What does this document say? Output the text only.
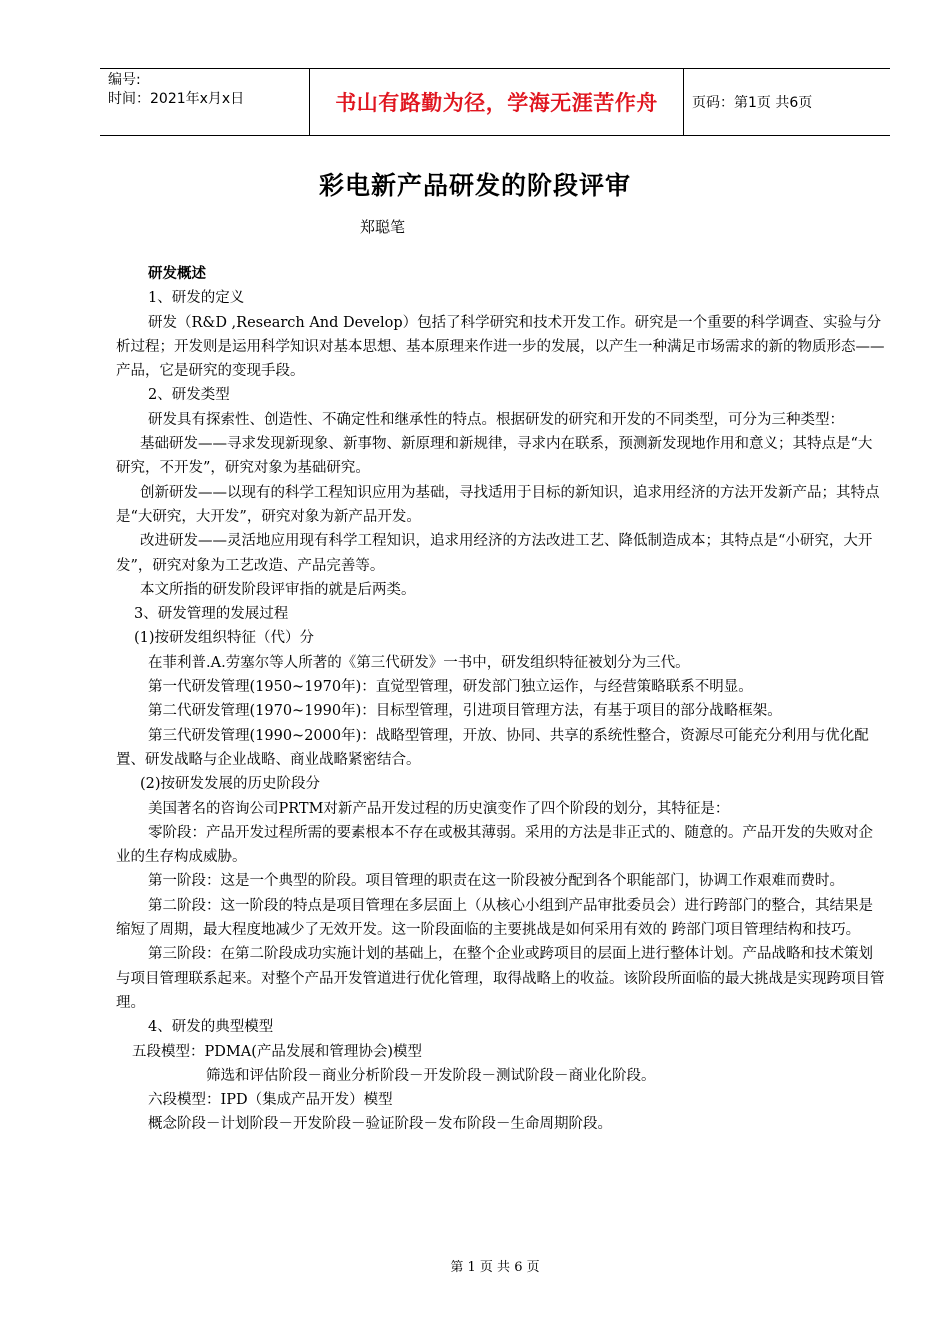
编号:
时间：2021年x月x日	书山有路勤为径，学海无涯苦作舟	页码：第1页 共6页
彩电新产品研发的阶段评审
郑聪笔

研发概述

1、研发的定义

研发（R&D ,Research And Develop）包括了科学研究和技术开发工作。研究是一个重要的科学调查、实验与分析过程；开发则是运用科学知识对基本思想、基本原理来作进一步的发展，以产生一种满足市场需求的新的物质形态——产品，它是研究的变现手段。

2、研发类型

研发具有探索性、创造性、不确定性和继承性的特点。根据研发的研究和开发的不同类型，可分为三种类型：

基础研发——寻求发现新现象、新事物、新原理和新规律，寻求内在联系，预测新发现地作用和意义；其特点是“大研究，不开发”，研究对象为基础研究。

创新研发——以现有的科学工程知识应用为基础，寻找适用于目标的新知识，追求用经济的方法开发新产品；其特点是“大研究，大开发”，研究对象为新产品开发。

改进研发——灵活地应用现有科学工程知识，追求用经济的方法改进工艺、降低制造成本；其特点是“小研究，大开发”，研究对象为工艺改造、产品完善等。

本文所指的研发阶段评审指的就是后两类。

3、研发管理的发展过程

(1)按研发组织特征（代）分

在菲利普.A.劳塞尔等人所著的《第三代研发》一书中，研发组织特征被划分为三代。

第一代研发管理(1950~1970年)：直觉型管理，研发部门独立运作，与经营策略联系不明显。

第二代研发管理(1970~1990年)：目标型管理，引进项目管理方法，有基于项目的部分战略框架。

第三代研发管理(1990~2000年)：战略型管理，开放、协同、共享的系统性整合，资源尽可能充分利用与优化配置、研发战略与企业战略、商业战略紧密结合。

(2)按研发发展的历史阶段分

美国著名的咨询公司PRTM对新产品开发过程的历史演变作了四个阶段的划分，其特征是：

零阶段：产品开发过程所需的要素根本不存在或极其薄弱。采用的方法是非正式的、随意的。产品开发的失败对企业的生存构成威胁。

第一阶段：这是一个典型的阶段。项目管理的职责在这一阶段被分配到各个职能部门，协调工作艰难而费时。

第二阶段：这一阶段的特点是项目管理在多层面上（从核心小组到产品审批委员会）进行跨部门的整合，其结果是缩短了周期，最大程度地减少了无效开发。这一阶段面临的主要挑战是如何采用有效的 跨部门项目管理结构和技巧。

第三阶段：在第二阶段成功实施计划的基础上，在整个企业或跨项目的层面上进行整体计划。产品战略和技术策划与项目管理联系起来。对整个产品开发管道进行优化管理，取得战略上的收益。该阶段所面临的最大挑战是实现跨项目管理。

4、研发的典型模型

五段模型：PDMA(产品发展和管理协会)模型

筛选和评估阶段－商业分析阶段－开发阶段－测试阶段－商业化阶段。

六段模型：IPD（集成产品开发）模型

概念阶段－计划阶段－开发阶段－验证阶段－发布阶段－生命周期阶段。

第 1 页 共 6 页
